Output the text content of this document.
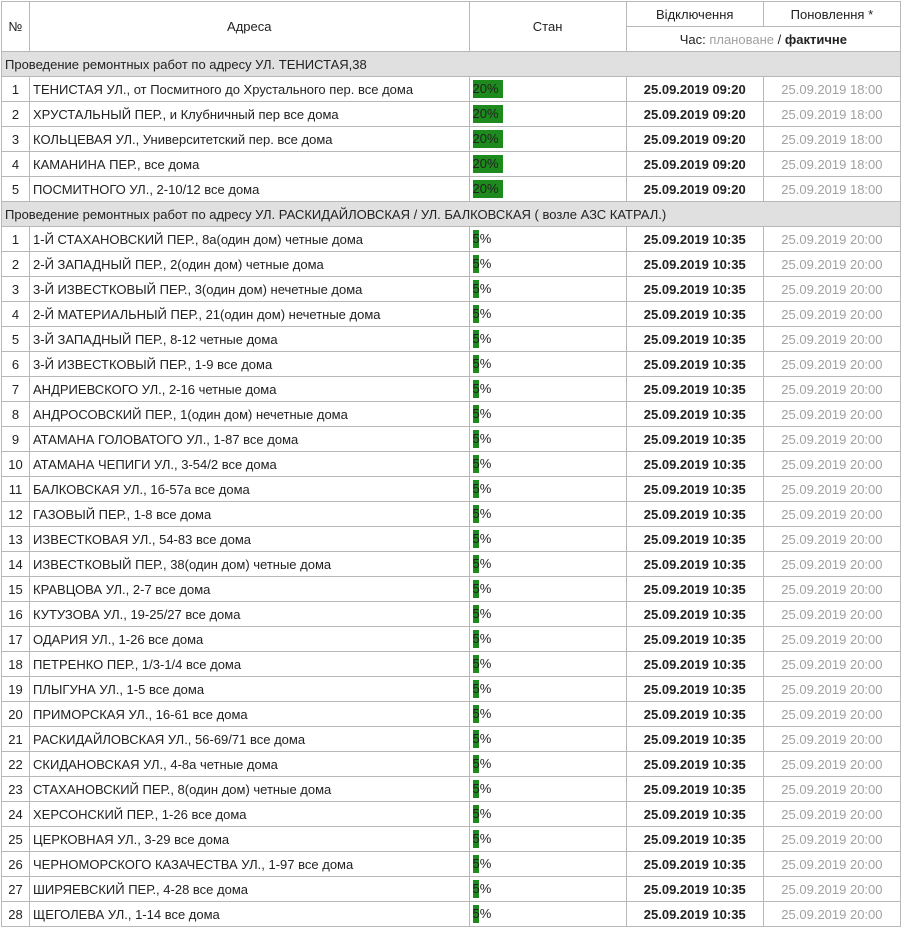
№	Адреса	Стан	Відключення	Поновлення *
			Час: плановане / фактичне	
Проведение ремонтных работ по адресу УЛ. ТЕНИСТАЯ,38				
1	ТЕНИСТАЯ УЛ., от Посмитного до Хрустального пер. все дома	20%	25.09.2019 09:20	25.09.2019 18:00
2	ХРУСТАЛЬНЫЙ ПЕР., и Клубничный пер все дома	20%	25.09.2019 09:20	25.09.2019 18:00
3	КОЛЬЦЕВАЯ УЛ., Университетский пер. все дома	20%	25.09.2019 09:20	25.09.2019 18:00
4	КАМАНИНА ПЕР., все дома	20%	25.09.2019 09:20	25.09.2019 18:00
5	ПОСМИТНОГО УЛ., 2-10/12 все дома	20%	25.09.2019 09:20	25.09.2019 18:00
Проведение ремонтных работ по адресу УЛ. РАСКИДАЙЛОВСКАЯ / УЛ. БАЛКОВСКАЯ ( возле АЗС КАТРАЛ.)				
1	1-Й СТАХАНОВСКИЙ ПЕР., 8а(один дом) четные дома	5%	25.09.2019 10:35	25.09.2019 20:00
2	2-Й ЗАПАДНЫЙ ПЕР., 2(один дом) четные дома	5%	25.09.2019 10:35	25.09.2019 20:00
3	3-Й ИЗВЕСТКОВЫЙ ПЕР., 3(один дом) нечетные дома	5%	25.09.2019 10:35	25.09.2019 20:00
4	2-Й МАТЕРИАЛЬНЫЙ ПЕР., 21(один дом) нечетные дома	5%	25.09.2019 10:35	25.09.2019 20:00
5	3-Й ЗАПАДНЫЙ ПЕР., 8-12 четные дома	5%	25.09.2019 10:35	25.09.2019 20:00
6	3-Й ИЗВЕСТКОВЫЙ ПЕР., 1-9 все дома	5%	25.09.2019 10:35	25.09.2019 20:00
7	АНДРИЕВСКОГО УЛ., 2-16 четные дома	5%	25.09.2019 10:35	25.09.2019 20:00
8	АНДРОСОВСКИЙ ПЕР., 1(один дом) нечетные дома	5%	25.09.2019 10:35	25.09.2019 20:00
9	АТАМАНА ГОЛОВАТОГО УЛ., 1-87 все дома	5%	25.09.2019 10:35	25.09.2019 20:00
10	АТАМАНА ЧЕПИГИ УЛ., 3-54/2 все дома	5%	25.09.2019 10:35	25.09.2019 20:00
11	БАЛКОВСКАЯ УЛ., 1б-57а все дома	5%	25.09.2019 10:35	25.09.2019 20:00
12	ГАЗОВЫЙ ПЕР., 1-8 все дома	5%	25.09.2019 10:35	25.09.2019 20:00
13	ИЗВЕСТКОВАЯ УЛ., 54-83 все дома	5%	25.09.2019 10:35	25.09.2019 20:00
14	ИЗВЕСТКОВЫЙ ПЕР., 38(один дом) четные дома	5%	25.09.2019 10:35	25.09.2019 20:00
15	КРАВЦОВА УЛ., 2-7 все дома	5%	25.09.2019 10:35	25.09.2019 20:00
16	КУТУЗОВА УЛ., 19-25/27 все дома	5%	25.09.2019 10:35	25.09.2019 20:00
17	ОДАРИЯ УЛ., 1-26 все дома	5%	25.09.2019 10:35	25.09.2019 20:00
18	ПЕТРЕНКО ПЕР., 1/3-1/4 все дома	5%	25.09.2019 10:35	25.09.2019 20:00
19	ПЛЫГУНА УЛ., 1-5 все дома	5%	25.09.2019 10:35	25.09.2019 20:00
20	ПРИМОРСКАЯ УЛ., 16-61 все дома	5%	25.09.2019 10:35	25.09.2019 20:00
21	РАСКИДАЙЛОВСКАЯ УЛ., 56-69/71 все дома	5%	25.09.2019 10:35	25.09.2019 20:00
22	СКИДАНОВСКАЯ УЛ., 4-8а четные дома	5%	25.09.2019 10:35	25.09.2019 20:00
23	СТАХАНОВСКИЙ ПЕР., 8(один дом) четные дома	5%	25.09.2019 10:35	25.09.2019 20:00
24	ХЕРСОНСКИЙ ПЕР., 1-26 все дома	5%	25.09.2019 10:35	25.09.2019 20:00
25	ЦЕРКОВНАЯ УЛ., 3-29 все дома	5%	25.09.2019 10:35	25.09.2019 20:00
26	ЧЕРНОМОРСКОГО КАЗАЧЕСТВА УЛ., 1-97 все дома	5%	25.09.2019 10:35	25.09.2019 20:00
27	ШИРЯЕВСКИЙ ПЕР., 4-28 все дома	5%	25.09.2019 10:35	25.09.2019 20:00
28	ЩЕГОЛЕВА УЛ., 1-14 все дома	5%	25.09.2019 10:35	25.09.2019 20:00
